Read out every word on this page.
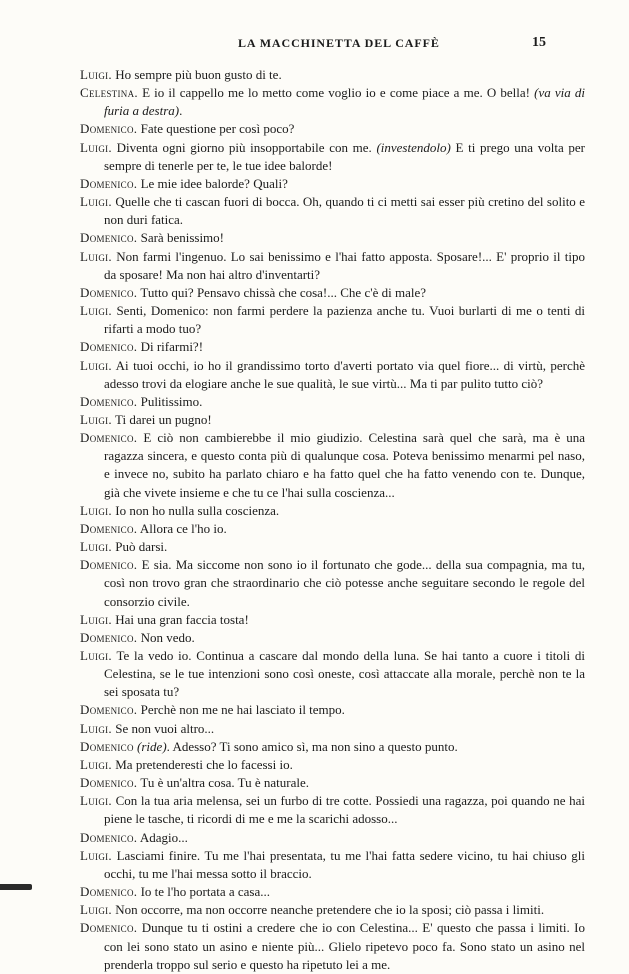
LA MACCHINETTA DEL CAFFÈ	15

Luigi. Ho sempre più buon gusto di te.

Celestina. E io il cappello me lo metto come voglio io e come piace a me. O bella! (va via di furia a destra).

Domenico. Fate questione per così poco?

Luigi. Diventa ogni giorno più insopportabile con me. (investendolo) E ti prego una volta per sempre di tenerle per te, le tue idee balorde!

Domenico. Le mie idee balorde? Quali?

Luigi. Quelle che ti cascan fuori di bocca. Oh, quando ti ci metti sai esser più cretino del solito e non duri fatica.

Domenico. Sarà benissimo!

Luigi. Non farmi l'ingenuo. Lo sai benissimo e l'hai fatto apposta. Sposare!... E' proprio il tipo da sposare! Ma non hai altro d'inventarti?

Domenico. Tutto qui? Pensavo chissà che cosa!... Che c'è di male?

Luigi. Senti, Domenico: non farmi perdere la pazienza anche tu. Vuoi burlarti di me o tenti di rifarti a modo tuo?

Domenico. Di rifarmi?!

Luigi. Ai tuoi occhi, io ho il grandissimo torto d'averti portato via quel fiore... di virtù, perchè adesso trovi da elogiare anche le sue qualità, le sue virtù... Ma ti par pulito tutto ciò?

Domenico. Pulitissimo.

Luigi. Ti darei un pugno!

Domenico. E ciò non cambierebbe il mio giudizio. Celestina sarà quel che sarà, ma è una ragazza sincera, e questo conta più di qualunque cosa. Poteva benissimo menarmi pel naso, e invece no, subito ha parlato chiaro e ha fatto quel che ha fatto venendo con te. Dunque, già che vivete insieme e che tu ce l'hai sulla coscienza...

Luigi. Io non ho nulla sulla coscienza.

Domenico. Allora ce l'ho io.

Luigi. Può darsi.

Domenico. E sia. Ma siccome non sono io il fortunato che gode... della sua compagnia, ma tu, così non trovo gran che straordinario che ciò potesse anche seguitare secondo le regole del consorzio civile.

Luigi. Hai una gran faccia tosta!

Domenico. Non vedo.

Luigi. Te la vedo io. Continua a cascare dal mondo della luna. Se hai tanto a cuore i titoli di Celestina, se le tue intenzioni sono così oneste, così attaccate alla morale, perchè non te la sei sposata tu?

Domenico. Perchè non me ne hai lasciato il tempo.

Luigi. Se non vuoi altro...

Domenico (ride). Adesso? Ti sono amico sì, ma non sino a questo punto.

Luigi. Ma pretenderesti che lo facessi io.

Domenico. Tu è un'altra cosa. Tu è naturale.

Luigi. Con la tua aria melensa, sei un furbo di tre cotte. Possiedi una ragazza, poi quando ne hai piene le tasche, ti ricordi di me e me la scarichi adosso...

Domenico. Adagio...

Luigi. Lasciami finire. Tu me l'hai presentata, tu me l'hai fatta sedere vicino, tu hai chiuso gli occhi, tu me l'hai messa sotto il braccio.

Domenico. Io te l'ho portata a casa...

Luigi. Non occorre, ma non occorre neanche pretendere che io la sposi; ciò passa i limiti.

Domenico. Dunque tu ti ostini a credere che io con Celestina... E' questo che passa i limiti. Io con lei sono stato un asino e niente più... Glielo ripetevo poco fa. Sono stato un asino nel prenderla troppo sul serio e questo ha ripetuto lei a me.
